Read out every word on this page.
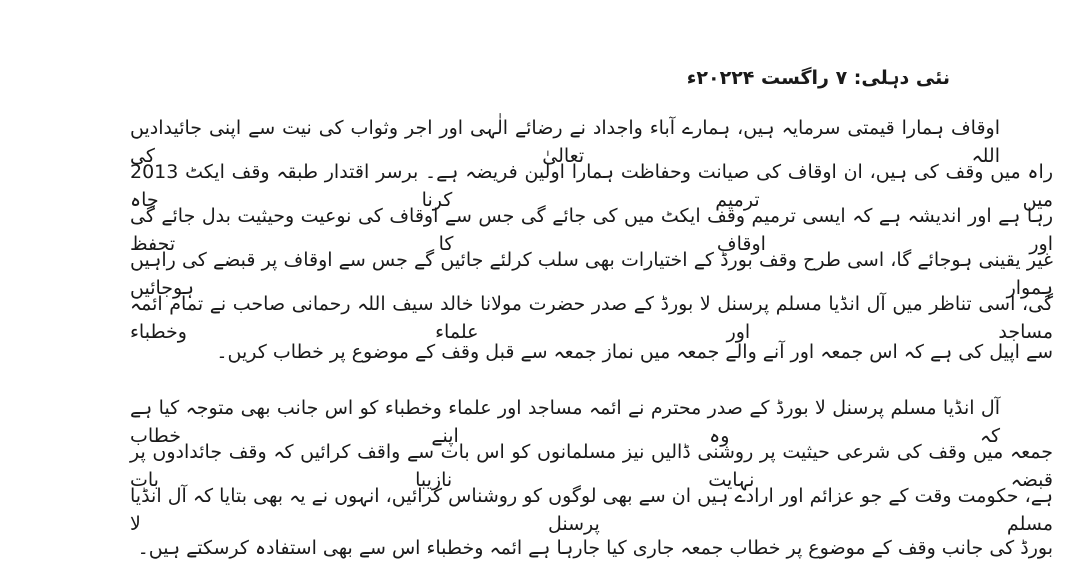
نئی دہلی: ۷ راگست ۲۰۲۲۴ء
اوقاف ہمارا قیمتی سرمایہ ہیں، ہمارے آباء واجداد نے رضائے الٰہی اور اجر وثواب کی نیت سے اپنی جائیدادیں اللہ تعالیٰ کی
راہ میں وقف کی ہیں، ان اوقاف کی صیانت وحفاظت ہمارا اولین فریضہ ہے۔ برسر اقتدار طبقہ وقف ایکٹ 2013 میں ترمیم کرنا چاہ
رہا ہے اور اندیشہ ہے کہ ایسی ترمیم وقف ایکٹ میں کی جائے گی جس سے اوقاف کی نوعیت وحیثیت بدل جائے گی اور اوقاف کا تحفظ
غیر یقینی ہوجائے گا، اسی طرح وقف بورڈ کے اختیارات بھی سلب کرلئے جائیں گے جس سے اوقاف پر قبضے کی راہیں ہموار ہوجائیں
گی، اسی تناظر میں آل انڈیا مسلم پرسنل لا بورڈ کے صدر حضرت مولانا خالد سیف اللہ رحمانی صاحب نے تمام ائمہ مساجد اور علماء وخطباء
سے اپیل کی ہے کہ اس جمعہ اور آنے والے جمعہ میں نماز جمعہ سے قبل وقف کے موضوع پر خطاب کریں۔
آل انڈیا مسلم پرسنل لا بورڈ کے صدر محترم نے ائمہ مساجد اور علماء وخطباء کو اس جانب بھی متوجہ کیا ہے کہ وہ اپنے خطاب
جمعہ میں وقف کی شرعی حیثیت پر روشنی ڈالیں نیز مسلمانوں کو اس بات سے واقف کرائیں کہ وقف جائدادوں پر قبضہ نہایت نازیبا بات
ہے، حکومت وقت کے جو عزائم اور ارادے ہیں ان سے بھی لوگوں کو روشناس کرائیں، انہوں نے یہ بھی بتایا کہ آل انڈیا مسلم پرسنل لا
بورڈ کی جانب وقف کے موضوع پر خطاب جمعہ جاری کیا جارہا ہے ائمہ وخطباء اس سے بھی استفادہ کرسکتے ہیں۔
